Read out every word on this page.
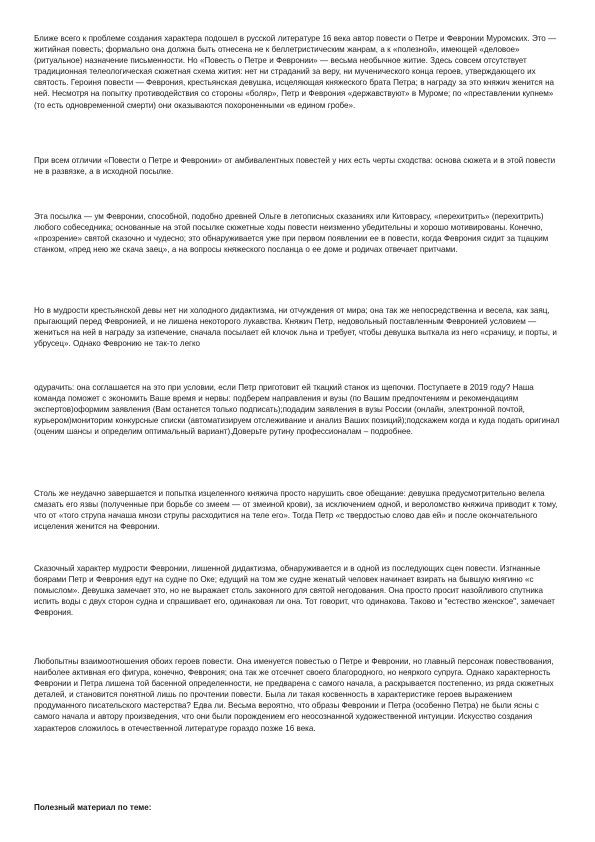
Ближе всего к проблеме создания характера подошел в русской литературе 16 века автор повести о Петре и Февронии Муромских. Это — житийная повесть; формально она должна быть отнесена не к беллетристическим жанрам, а к «полезной», имеющей «деловое» (ритуальное) назначение письменности. Но «Повесть о Петре и Февронии» — весьма необычное житие. Здесь совсем отсутствует традиционная телеологическая сюжетная схема жития: нет ни страданий за веру, ни мученического конца героев, утверждающего их святость. Героиня повести — Феврония, крестьянская девушка, исцеляющая княжеского брата Петра; в награду за это княжич женится на ней. Несмотря на попытку противодействия со стороны «боляр», Петр и Феврония «державствуют» в Муроме; по «преставлении купнем» (то есть одновременной смерти) они оказываются похороненными «в едином гробе».

При всем отличии «Повести о Петре и Февронии» от амбивалентных повестей у них есть черты сходства: основа сюжета и в этой повести не в развязке, а в исходной посылке.

Эта посылка — ум Февронии, способной, подобно древней Ольге в летописных сказаниях или Китоврасу, «перехитрить» (перехитрить) любого собеседника; основанные на этой посылке сюжетные ходы повести неизменно убедительны и хорошо мотивированы. Конечно, «прозрение» святой сказочно и чудесно; это обнаруживается уже при первом появлении ее в повести, когда Феврония сидит за тцацким станком, «пред нею же скача заец», а на вопросы княжеского посланца о ее доме и родичах отвечает притчами.

Но в мудрости крестьянской девы нет ни холодного дидактизма, ни отчуждения от мира; она так же непосредственна и весела, как заяц, прыгающий перед Февронией, и не лишена некоторого лукавства. Княжич Петр, недовольный поставленным Февронией условием — жениться на ней в награду за изпечение, сначала посылает ей клочок льна и требует, чтобы девушка выткала из него «срачицу, и порты, и убрусец». Однако Февронию не так-то легко

одурачить: она соглашается на это при условии, если Петр приготовит ей ткацкий станок из щепочки. Поступаете в 2019 году? Наша команда поможет с экономить Ваше время и нервы: подберем направления и вузы (по Вашим предпочтениям и рекомендациям экспертов)оформим заявления (Вам останется только подписать);подадим заявления в вузы России (онлайн, электронной почтой, курьером)мониторим конкурсные списки (автоматизируем отслеживание и анализ Ваших позиций);подскажем когда и куда подать оригинал (оценим шансы и определим оптимальный вариант).Доверьте рутину профессионалам – подробнее.

Столь же неудачно завершается и попытка изцеленного княжича просто нарушить свое обещание: девушка предусмотрительно велела смазать его язвы (полученные при борьбе со змеем — от змеиной крови), за исключением одной, и вероломство княжича приводит к тому, что от «того струпа начаша мнози струпы расходитися на теле его». Тогда Петр «с твердостью слово дав ей» и после окончательного исцеления женится на Февронии.

Сказочный характер мудрости Февронии, лишенной дидактизма, обнаруживается и в одной из последующих сцен повести. Изгнанные боярами Петр и Феврония едут на судне по Оке; едущий на том же судне женатый человек начинает взирать на бывшую княгиню «с помыслом». Девушка замечает это, но не выражает столь законного для святой негодования. Она просто просит назойливого спутника испить воды с двух сторон судна и спрашивает его, одинаковая ли она. Тот говорит, что одинакова. Таково и "естество женское", замечает Феврония.

Любопытны взаимоотношения обоих героев повести. Она именуется повестью о Петре и Февронии, но главный персонаж повествования, наиболее активная его фигура, конечно, Феврония; она так же отсечнет своего благородного, но неяркого супруга. Однако характерность Февронии и Петра лишена той басенной определенности, не предварена с самого начала, а раскрывается постепенно, из ряда сюжетных деталей, и становится понятной лишь по прочтении повести. Была ли такая косвенность в характеристике героев выражением продуманного писательского мастерства? Едва ли. Весьма вероятно, что образы Февронии и Петра (особенно Петра) не были ясны с самого начала и автору произведения, что они были порождением его неосознанной художественной интуиции. Искусство создания характеров сложилось в отечественной литературе гораздо позже 16 века.

Полезный материал по теме:
